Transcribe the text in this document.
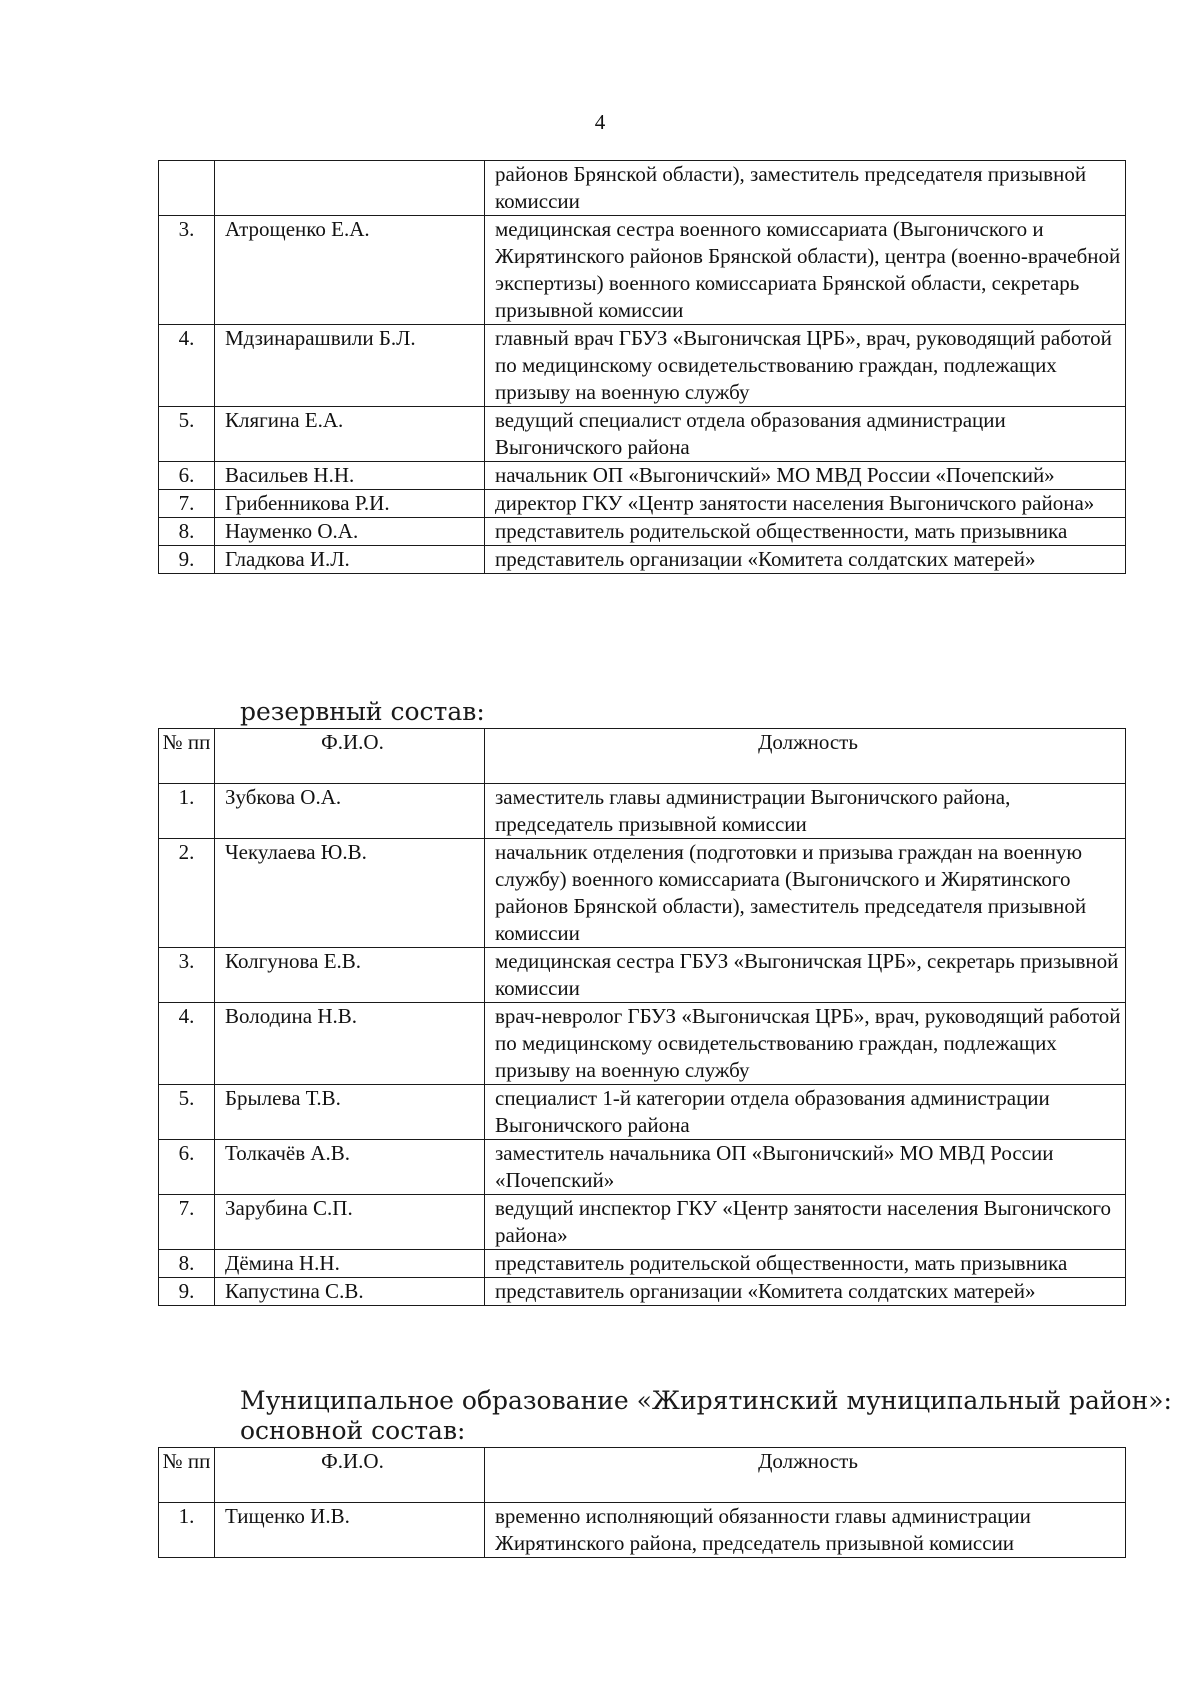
4
		районов Брянской области), заместитель председателя призывной комиссии
3.	Атрощенко Е.А.	медицинская сестра военного комиссариата (Выгоничского и Жирятинского районов Брянской области), центра (военно-врачебной экспертизы) военного комиссариата Брянской области, секретарь призывной комиссии
4.	Мдзинарашвили Б.Л.	главный врач ГБУЗ «Выгоничская ЦРБ», врач, руководящий работой по медицинскому освидетельствованию граждан, подлежащих призыву на военную службу
5.	Клягина Е.А.	ведущий специалист отдела образования администрации Выгоничского района
6.	Васильев Н.Н.	начальник ОП «Выгоничский» МО МВД России «Почепский»
7.	Грибенникова Р.И.	директор ГКУ «Центр занятости населения Выгоничского района»
8.	Науменко О.А.	представитель родительской общественности, мать призывника
9.	Гладкова И.Л.	представитель организации «Комитета солдатских матерей»
резервный состав:
№ пп	Ф.И.О.	Должность
1.	Зубкова О.А.	заместитель главы администрации Выгоничского района, председатель призывной комиссии
2.	Чекулаева Ю.В.	начальник отделения (подготовки и призыва граждан на военную службу) военного комиссариата (Выгоничского и Жирятинского районов Брянской области), заместитель председателя призывной комиссии
3.	Колгунова Е.В.	медицинская сестра ГБУЗ «Выгоничская ЦРБ», секретарь призывной комиссии
4.	Володина Н.В.	врач-невролог ГБУЗ «Выгоничская ЦРБ», врач, руководящий работой по медицинскому освидетельствованию граждан, подлежащих призыву на военную службу
5.	Брылева Т.В.	специалист 1-й категории отдела образования администрации Выгоничского района
6.	Толкачёв А.В.	заместитель начальника ОП «Выгоничский» МО МВД России «Почепский»
7.	Зарубина С.П.	ведущий инспектор ГКУ «Центр занятости населения Выгоничского района»
8.	Дёмина Н.Н.	представитель родительской общественности, мать призывника
9.	Капустина С.В.	представитель организации «Комитета солдатских матерей»
Муниципальное образование «Жирятинский муниципальный район»:
основной состав:
№ пп	Ф.И.О.	Должность
1.	Тищенко И.В.	временно исполняющий обязанности главы администрации Жирятинского района, председатель призывной комиссии
